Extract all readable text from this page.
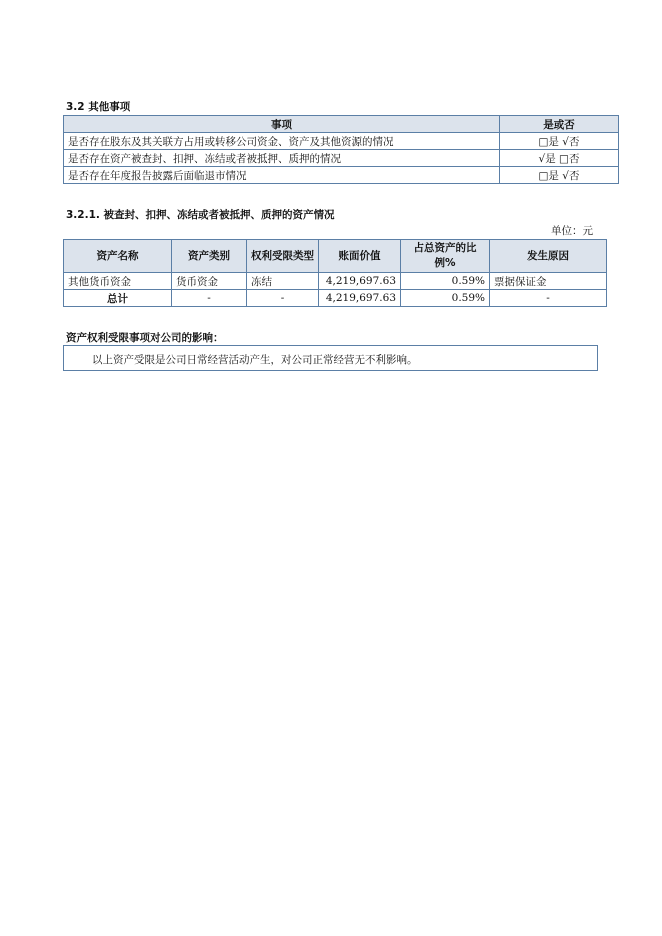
3.2 其他事项
事项	是或否
是否存在股东及其关联方占用或转移公司资金、资产及其他资源的情况	□是 √否
是否存在资产被查封、扣押、冻结或者被抵押、质押的情况	√是 □否
是否存在年度报告披露后面临退市情况	□是 √否
3.2.1. 被查封、扣押、冻结或者被抵押、质押的资产情况
单位：元
资产名称	资产类别	权利受限类型	账面价值	占总资产的比例%	发生原因
其他货币资金	货币资金	冻结	4,219,697.63	0.59%	票据保证金
总计	-	-	4,219,697.63	0.59%	-
资产权利受限事项对公司的影响：
以上资产受限是公司日常经营活动产生，对公司正常经营无不利影响。
